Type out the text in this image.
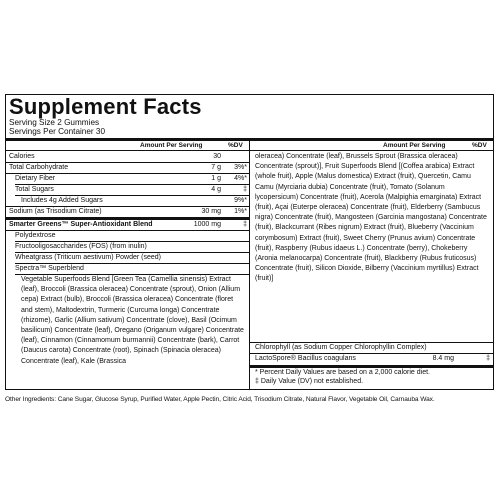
Supplement Facts
Serving Size 2 Gummies
Servings Per Container 30
Amount Per Serving	%DV	Amount Per Serving	%DV
Calories	30
Total Carbohydrate	7 g	3%*
Dietary Fiber	1 g	4%*
Total Sugars	4 g	‡
Includes 4g Added Sugars	9%*
Sodium (as Trisodium Citrate)	30 mg	1%*
Smarter Greens™ Super-Antioxidant Blend	1000 mg	‡
Polydextrose
Fructooligosaccharides (FOS) (from inulin)
Wheatgrass (Triticum aestivum) Powder (seed)
Spectra™ Superblend
Vegetable Superfoods Blend [Green Tea (Camellia sinensis) Extract (leaf), Broccoli (Brassica oleracea) Concentrate (sprout), Onion (Allium cepa) Extract (bulb), Broccoli (Brassica oleracea) Concentrate (floret and stem), Maltodextrin, Turmeric (Curcuma longa) Concentrate (rhizome), Garlic (Allium sativum) Concentrate (clove), Basil (Ocimum basilicum) Concentrate (leaf), Oregano (Origanum vulgare) Concentrate (leaf), Cinnamon (Cinnamomum burmannii) Concentrate (bark), Carrot (Daucus carota) Concentrate (root), Spinach (Spinacia oleracea) Concentrate (leaf), Kale (Brassica
oleracea) Concentrate (leaf), Brussels Sprout (Brassica oleracea) Concentrate (sprout)], Fruit Superfoods Blend [(Coffea arabica) Extract (whole fruit), Apple (Malus domestica) Extract (fruit), Quercetin, Camu Camu (Myrciaria dubia) Concentrate (fruit), Tomato (Solanum lycopersicum) Concentrate (fruit), Acerola (Malpighia emarginata) Extract (fruit), Açai (Euterpe oleracea) Concentrate (fruit), Elderberry (Sambucus nigra) Concentrate (fruit), Mangosteen (Garcinia mangostana) Concentrate (fruit), Blackcurrant (Ribes nigrum) Extract (fruit), Blueberry (Vaccinium corymbosum) Extract (fruit), Sweet Cherry (Prunus avium) Concentrate (fruit), Raspberry (Rubus idaeus L.) Concentrate (berry), Chokeberry (Aronia melanocarpa) Concentrate (fruit), Blackberry (Rubus fruticosus) Concentrate (fruit), Silicon Dioxide, Bilberry (Vaccinium myrtillus) Extract (fruit)]
Chlorophyll (as Sodium Copper Chlorophyllin Complex)
LactoSpore® Bacillus coagulans	8.4 mg	‡
* Percent Daily Values are based on a 2,000 calorie diet.
‡ Daily Value (DV) not established.
Other Ingredients: Cane Sugar, Glucose Syrup, Purified Water, Apple Pectin, Citric Acid, Trisodium Citrate, Natural Flavor, Vegetable Oil, Carnauba Wax.
